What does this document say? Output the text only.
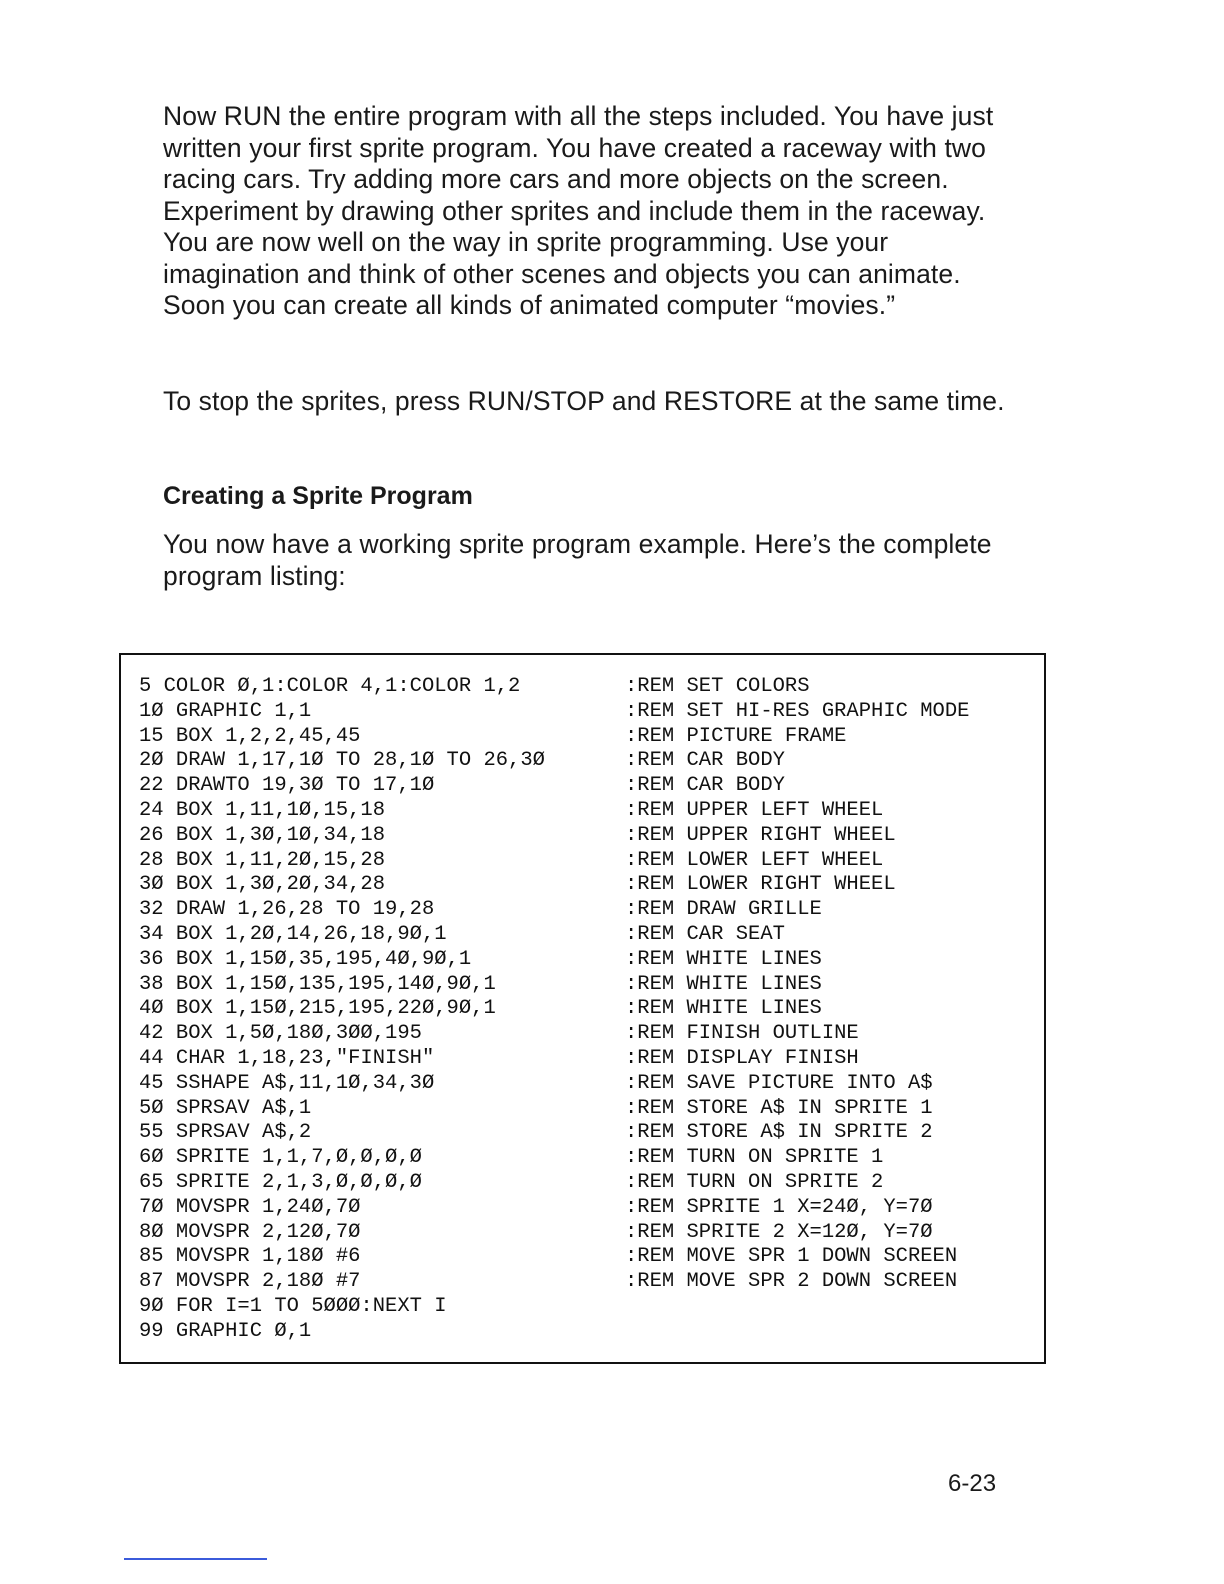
Now RUN the entire program with all the steps included. You have just written your first sprite program. You have created a raceway with two racing cars. Try adding more cars and more objects on the screen. Experiment by drawing other sprites and include them in the raceway. You are now well on the way in sprite programming. Use your imagination and think of other scenes and objects you can animate. Soon you can create all kinds of animated computer “movies.”

To stop the sprites, press RUN/STOP and RESTORE at the same time.

Creating a Sprite Program

You now have a working sprite program example. Here’s the complete program listing:

5 COLOR Ø,1:COLOR 4,1:COLOR 1,2	:REM SET COLORS
1Ø GRAPHIC 1,1	:REM SET HI-RES GRAPHIC MODE
15 BOX 1,2,2,45,45	:REM PICTURE FRAME
2Ø DRAW 1,17,1Ø TO 28,1Ø TO 26,3Ø	:REM CAR BODY
22 DRAWTO 19,3Ø TO 17,1Ø	:REM CAR BODY
24 BOX 1,11,1Ø,15,18	:REM UPPER LEFT WHEEL
26 BOX 1,3Ø,1Ø,34,18	:REM UPPER RIGHT WHEEL
28 BOX 1,11,2Ø,15,28	:REM LOWER LEFT WHEEL
3Ø BOX 1,3Ø,2Ø,34,28	:REM LOWER RIGHT WHEEL
32 DRAW 1,26,28 TO 19,28	:REM DRAW GRILLE
34 BOX 1,2Ø,14,26,18,9Ø,1	:REM CAR SEAT
36 BOX 1,15Ø,35,195,4Ø,9Ø,1	:REM WHITE LINES
38 BOX 1,15Ø,135,195,14Ø,9Ø,1	:REM WHITE LINES
4Ø BOX 1,15Ø,215,195,22Ø,9Ø,1	:REM WHITE LINES
42 BOX 1,5Ø,18Ø,3ØØ,195	:REM FINISH OUTLINE
44 CHAR 1,18,23,"FINISH"	:REM DISPLAY FINISH
45 SSHAPE A$,11,1Ø,34,3Ø	:REM SAVE PICTURE INTO A$
5Ø SPRSAV A$,1	:REM STORE A$ IN SPRITE 1
55 SPRSAV A$,2	:REM STORE A$ IN SPRITE 2
6Ø SPRITE 1,1,7,Ø,Ø,Ø,Ø	:REM TURN ON SPRITE 1
65 SPRITE 2,1,3,Ø,Ø,Ø,Ø	:REM TURN ON SPRITE 2
7Ø MOVSPR 1,24Ø,7Ø	:REM SPRITE 1 X=24Ø, Y=7Ø
8Ø MOVSPR 2,12Ø,7Ø	:REM SPRITE 2 X=12Ø, Y=7Ø
85 MOVSPR 1,18Ø #6	:REM MOVE SPR 1 DOWN SCREEN
87 MOVSPR 2,18Ø #7	:REM MOVE SPR 2 DOWN SCREEN
9Ø FOR I=1 TO 5ØØØ:NEXT I
99 GRAPHIC Ø,1
6-23
